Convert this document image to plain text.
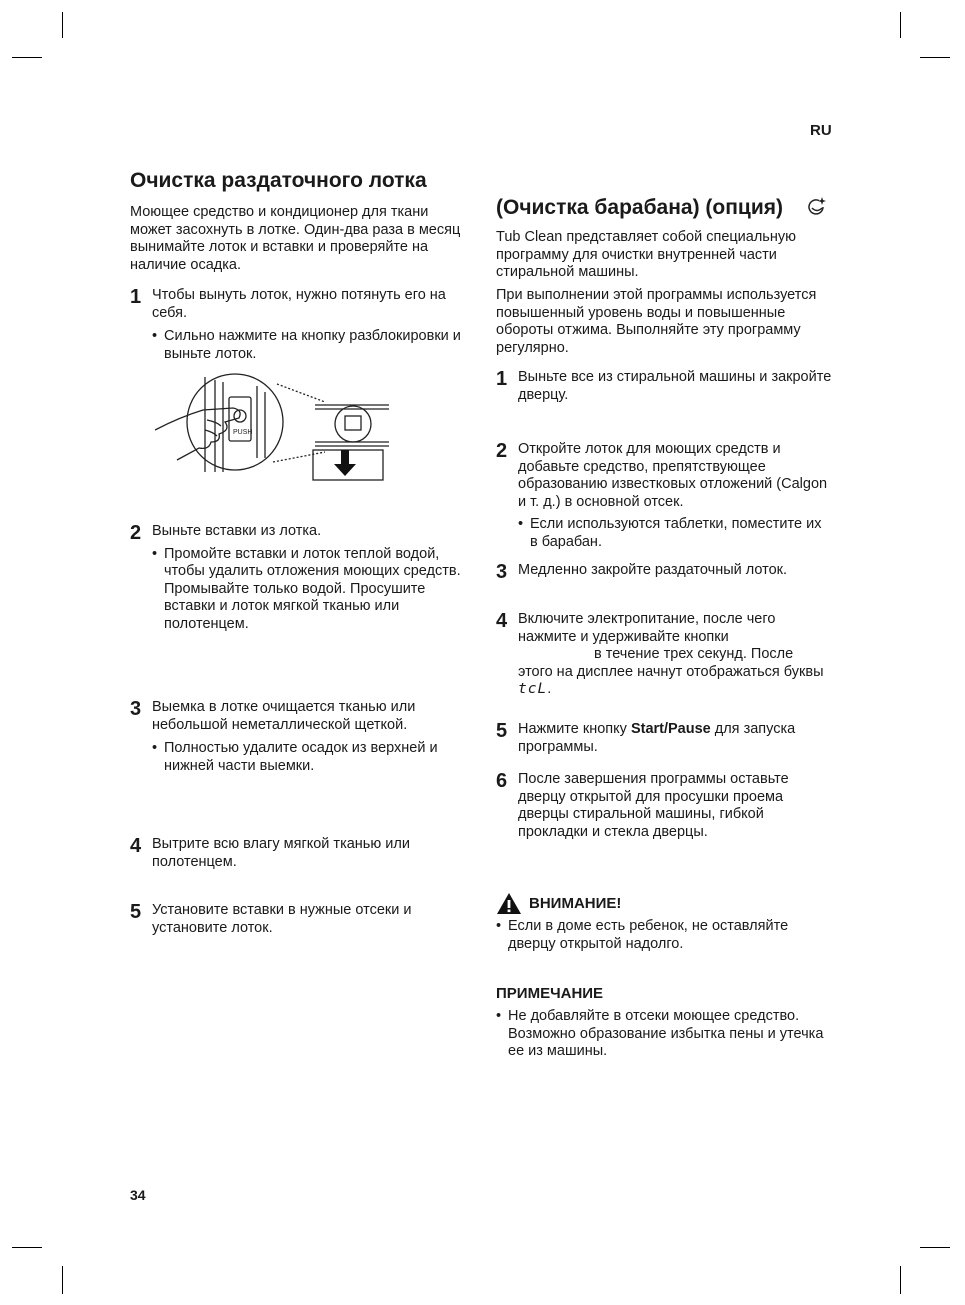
RU
Очистка раздаточного лотка
Моющее средство и кондиционер для ткани может засохнуть в лотке. Один-два раза в месяц вынимайте лоток и вставки и проверяйте на наличие осадка.
1 Чтобы вынуть лоток, нужно потянуть его на себя.
• Сильно нажмите на кнопку разблокировки и выньте лоток.
PUSH
2 Выньте вставки из лотка.
• Промойте вставки и лоток теплой водой, чтобы удалить отложения моющих средств. Промывайте только водой. Просушите вставки и лоток мягкой тканью или полотенцем.
3 Выемка в лотке очищается тканью или небольшой неметаллической щеткой.
• Полностью удалите осадок из верхней и нижней части выемки.
4 Вытрите всю влагу мягкой тканью или полотенцем.
5 Установите вставки в нужные отсеки и установите лоток.
(Очистка барабана) (опция)
Tub Clean представляет собой специальную программу для очистки внутренней части стиральной машины.
При выполнении этой программы используется повышенный уровень воды и повышенные обороты отжима. Выполняйте эту программу регулярно.
1 Выньте все из стиральной машины и закройте дверцу.
2 Откройте лоток для моющих средств и добавьте средство, препятствующее образованию известковых отложений (Calgon и т. д.) в основной отсек.
• Если используются таблетки, поместите их в барабан.
3 Медленно закройте раздаточный лоток.
4 Включите электропитание, после чего
нажмите и удерживайте кнопки
в течение трех секунд. После
этого на дисплее начнут отображаться буквы
tcL.
5 Нажмите кнопку Start/Pause для запуска программы.
6 После завершения программы оставьте дверцу открытой для просушки проема дверцы стиральной машины, гибкой прокладки и стекла дверцы.
ВНИМАНИЕ!
• Если в доме есть ребенок, не оставляйте дверцу открытой надолго.
ПРИМЕЧАНИЕ
• Не добавляйте в отсеки моющее средство. Возможно образование избытка пены и утечка ее из машины.
34
